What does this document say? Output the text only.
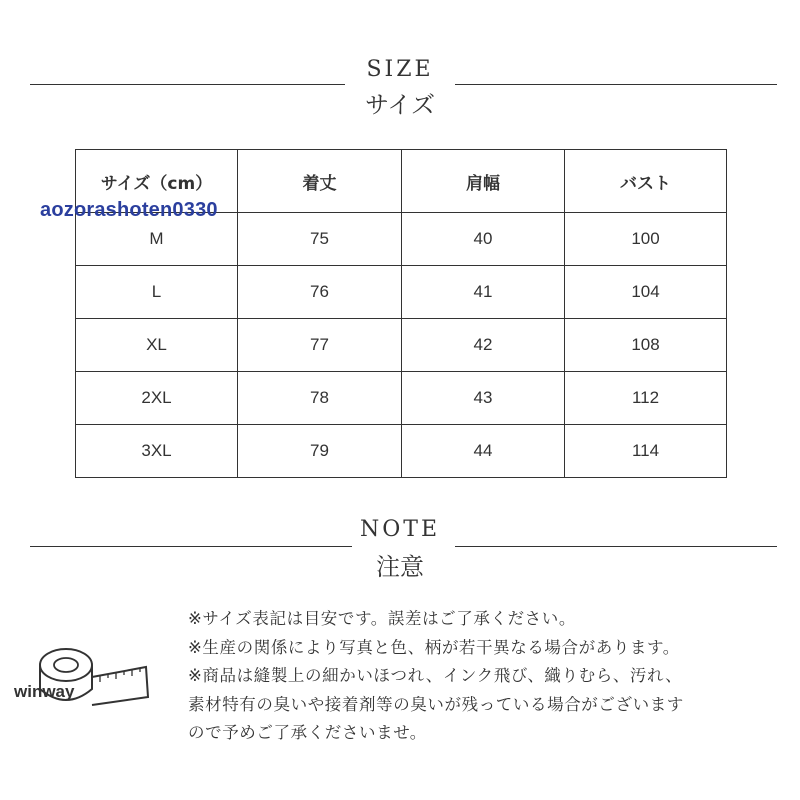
SIZE
サイズ
サイズ（cm）	着丈	肩幅	バスト
M	75	40	100
L	76	41	104
XL	77	42	108
2XL	78	43	112
3XL	79	44	114
aozorashoten0330
NOTE
注意
winway
※サイズ表記は目安です。誤差はご了承ください。
※生産の関係により写真と色、柄が若干異なる場合があります。
※商品は縫製上の細かいほつれ、インク飛び、織りむら、汚れ、
素材特有の臭いや接着剤等の臭いが残っている場合がございます
ので予めご了承くださいませ。
